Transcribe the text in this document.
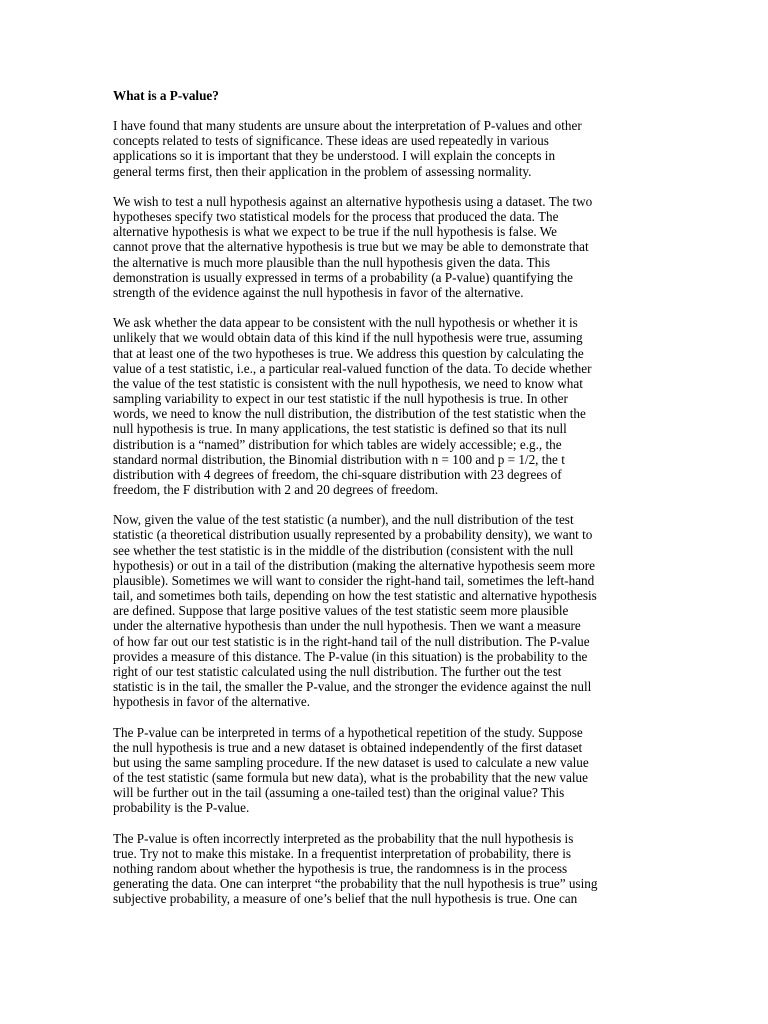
What is a P-value?
I have found that many students are unsure about the interpretation of P-values and other
concepts related to tests of significance. These ideas are used repeatedly in various
applications so it is important that they be understood. I will explain the concepts in
general terms first, then their application in the problem of assessing normality.
We wish to test a null hypothesis against an alternative hypothesis using a dataset. The two
hypotheses specify two statistical models for the process that produced the data. The
alternative hypothesis is what we expect to be true if the null hypothesis is false. We
cannot prove that the alternative hypothesis is true but we may be able to demonstrate that
the alternative is much more plausible than the null hypothesis given the data. This
demonstration is usually expressed in terms of a probability (a P-value) quantifying the
strength of the evidence against the null hypothesis in favor of the alternative.
We ask whether the data appear to be consistent with the null hypothesis or whether it is
unlikely that we would obtain data of this kind if the null hypothesis were true, assuming
that at least one of the two hypotheses is true. We address this question by calculating the
value of a test statistic, i.e., a particular real-valued function of the data. To decide whether
the value of the test statistic is consistent with the null hypothesis, we need to know what
sampling variability to expect in our test statistic if the null hypothesis is true. In other
words, we need to know the null distribution, the distribution of the test statistic when the
null hypothesis is true. In many applications, the test statistic is defined so that its null
distribution is a “named” distribution for which tables are widely accessible; e.g., the
standard normal distribution, the Binomial distribution with n = 100 and p = 1/2, the t
distribution with 4 degrees of freedom, the chi-square distribution with 23 degrees of
freedom, the F distribution with 2 and 20 degrees of freedom.
Now, given the value of the test statistic (a number), and the null distribution of the test
statistic (a theoretical distribution usually represented by a probability density), we want to
see whether the test statistic is in the middle of the distribution (consistent with the null
hypothesis) or out in a tail of the distribution (making the alternative hypothesis seem more
plausible). Sometimes we will want to consider the right-hand tail, sometimes the left-hand
tail, and sometimes both tails, depending on how the test statistic and alternative hypothesis
are defined. Suppose that large positive values of the test statistic seem more plausible
under the alternative hypothesis than under the null hypothesis. Then we want a measure
of how far out our test statistic is in the right-hand tail of the null distribution. The P-value
provides a measure of this distance. The P-value (in this situation) is the probability to the
right of our test statistic calculated using the null distribution. The further out the test
statistic is in the tail, the smaller the P-value, and the stronger the evidence against the null
hypothesis in favor of the alternative.
The P-value can be interpreted in terms of a hypothetical repetition of the study. Suppose
the null hypothesis is true and a new dataset is obtained independently of the first dataset
but using the same sampling procedure. If the new dataset is used to calculate a new value
of the test statistic (same formula but new data), what is the probability that the new value
will be further out in the tail (assuming a one-tailed test) than the original value? This
probability is the P-value.
The P-value is often incorrectly interpreted as the probability that the null hypothesis is
true. Try not to make this mistake. In a frequentist interpretation of probability, there is
nothing random about whether the hypothesis is true, the randomness is in the process
generating the data. One can interpret “the probability that the null hypothesis is true” using
subjective probability, a measure of one’s belief that the null hypothesis is true. One can
